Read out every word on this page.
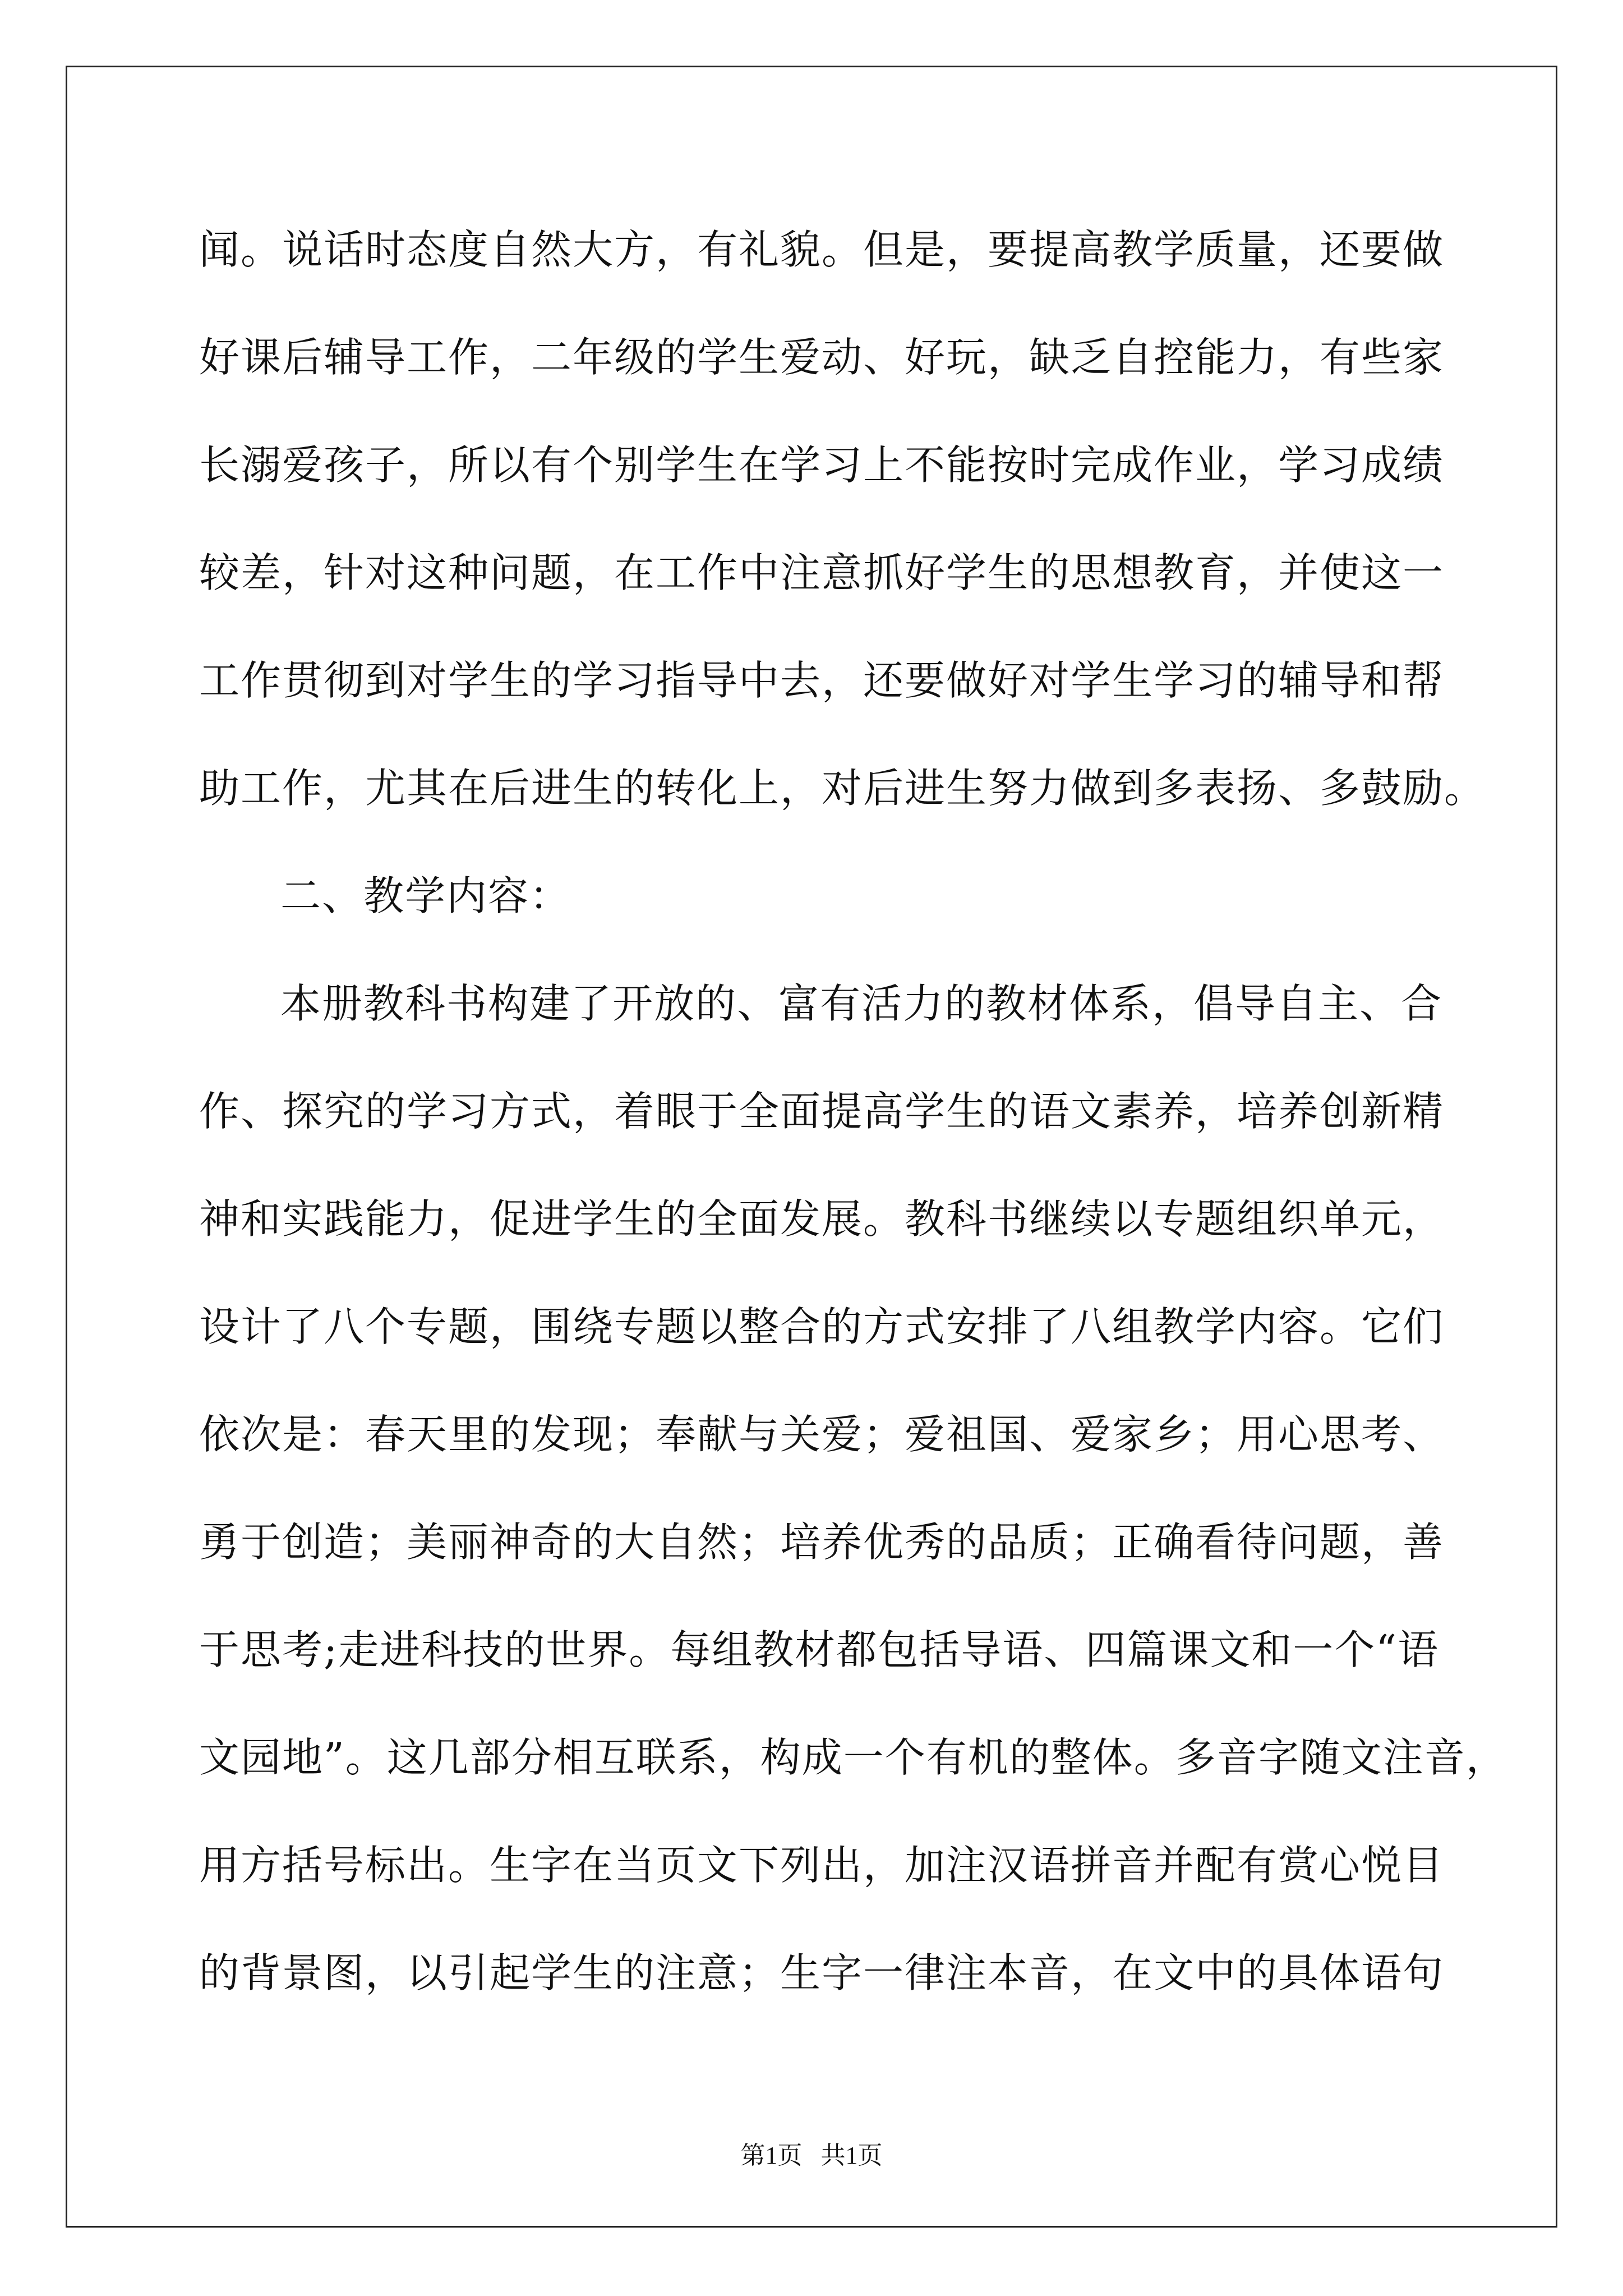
闻。说话时态度自然大方，有礼貌。但是，要提高教学质量，还要做
好课后辅导工作，二年级的学生爱动、好玩，缺乏自控能力，有些家
长溺爱孩子，所以有个别学生在学习上不能按时完成作业，学习成绩
较差，针对这种问题，在工作中注意抓好学生的思想教育，并使这一
工作贯彻到对学生的学习指导中去，还要做好对学生学习的辅导和帮
助工作，尤其在后进生的转化上，对后进生努力做到多表扬、多鼓励。
二、教学内容：
本册教科书构建了开放的、富有活力的教材体系，倡导自主、合
作、探究的学习方式，着眼于全面提高学生的语文素养，培养创新精
神和实践能力，促进学生的全面发展。教科书继续以专题组织单元，
设计了八个专题，围绕专题以整合的方式安排了八组教学内容。它们
依次是：春天里的发现；奉献与关爱；爱祖国、爱家乡；用心思考、
勇于创造；美丽神奇的大自然；培养优秀的品质；正确看待问题，善
于思考;走进科技的世界。每组教材都包括导语、四篇课文和一个“语
文园地”。这几部分相互联系，构成一个有机的整体。多音字随文注音，
用方括号标出。生字在当页文下列出，加注汉语拼音并配有赏心悦目
的背景图，以引起学生的注意；生字一律注本音，在文中的具体语句
第1页   共1页
